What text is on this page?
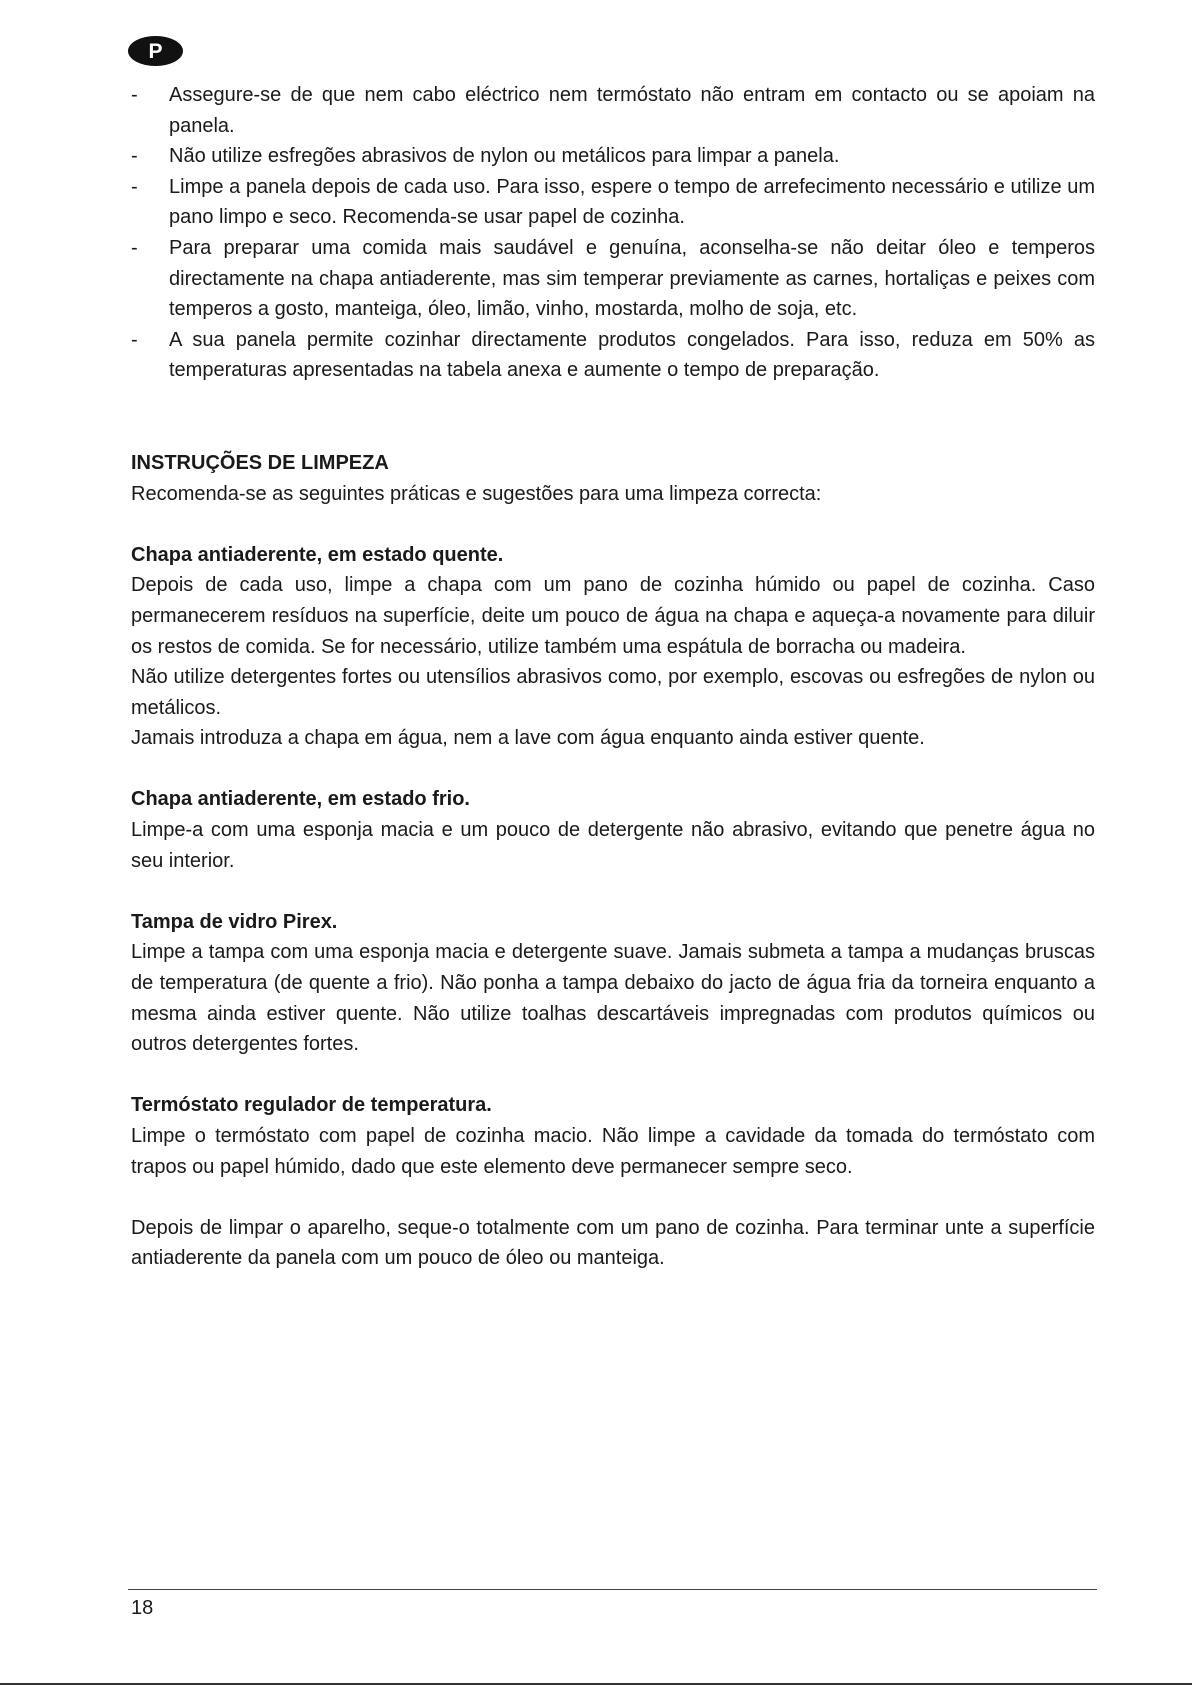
P
- Assegure-se de que nem cabo eléctrico nem termóstato não entram em contacto ou se apoiam na panela.
- Não utilize esfregões abrasivos de nylon ou metálicos para limpar a panela.
- Limpe a panela depois de cada uso. Para isso, espere o tempo de arrefecimento necessário e utilize um pano limpo e seco. Recomenda-se usar papel de cozinha.
- Para preparar uma comida mais saudável e genuína, aconselha-se não deitar óleo e temperos directamente na chapa antiaderente, mas sim temperar previamente as carnes, hortaliças e peixes com temperos a gosto, manteiga, óleo, limão, vinho, mostarda, molho de soja, etc.
- A sua panela permite cozinhar directamente produtos congelados. Para isso, reduza em 50% as temperaturas apresentadas na tabela anexa e aumente o tempo de preparação.
INSTRUÇÕES DE LIMPEZA

Recomenda-se as seguintes práticas e sugestões para uma limpeza correcta:

Chapa antiaderente, em estado quente.

Depois de cada uso, limpe a chapa com um pano de cozinha húmido ou papel de cozinha. Caso permanecerem resíduos na superfície, deite um pouco de água na chapa e aqueça-a novamente para diluir os restos de comida. Se for necessário, utilize também uma espátula de borracha ou madeira.

Não utilize detergentes fortes ou utensílios abrasivos como, por exemplo, escovas ou esfregões de nylon ou metálicos.

Jamais introduza a chapa em água, nem a lave com água enquanto ainda estiver quente.

Chapa antiaderente, em estado frio.

Limpe-a com uma esponja macia e um pouco de detergente não abrasivo, evitando que penetre água no seu interior.

Tampa de vidro Pirex.

Limpe a tampa com uma esponja macia e detergente suave. Jamais submeta a tampa a mudanças bruscas de temperatura (de quente a frio). Não ponha a tampa debaixo do jacto de água fria da torneira enquanto a mesma ainda estiver quente. Não utilize toalhas descartáveis impregnadas com produtos químicos ou outros detergentes fortes.

Termóstato regulador de temperatura.

Limpe o termóstato com papel de cozinha macio. Não limpe a cavidade da tomada do termóstato com trapos ou papel húmido, dado que este elemento deve permanecer sempre seco.

Depois de limpar o aparelho, seque-o totalmente com um pano de cozinha. Para terminar unte a superfície antiaderente da panela com um pouco de óleo ou manteiga.

18
